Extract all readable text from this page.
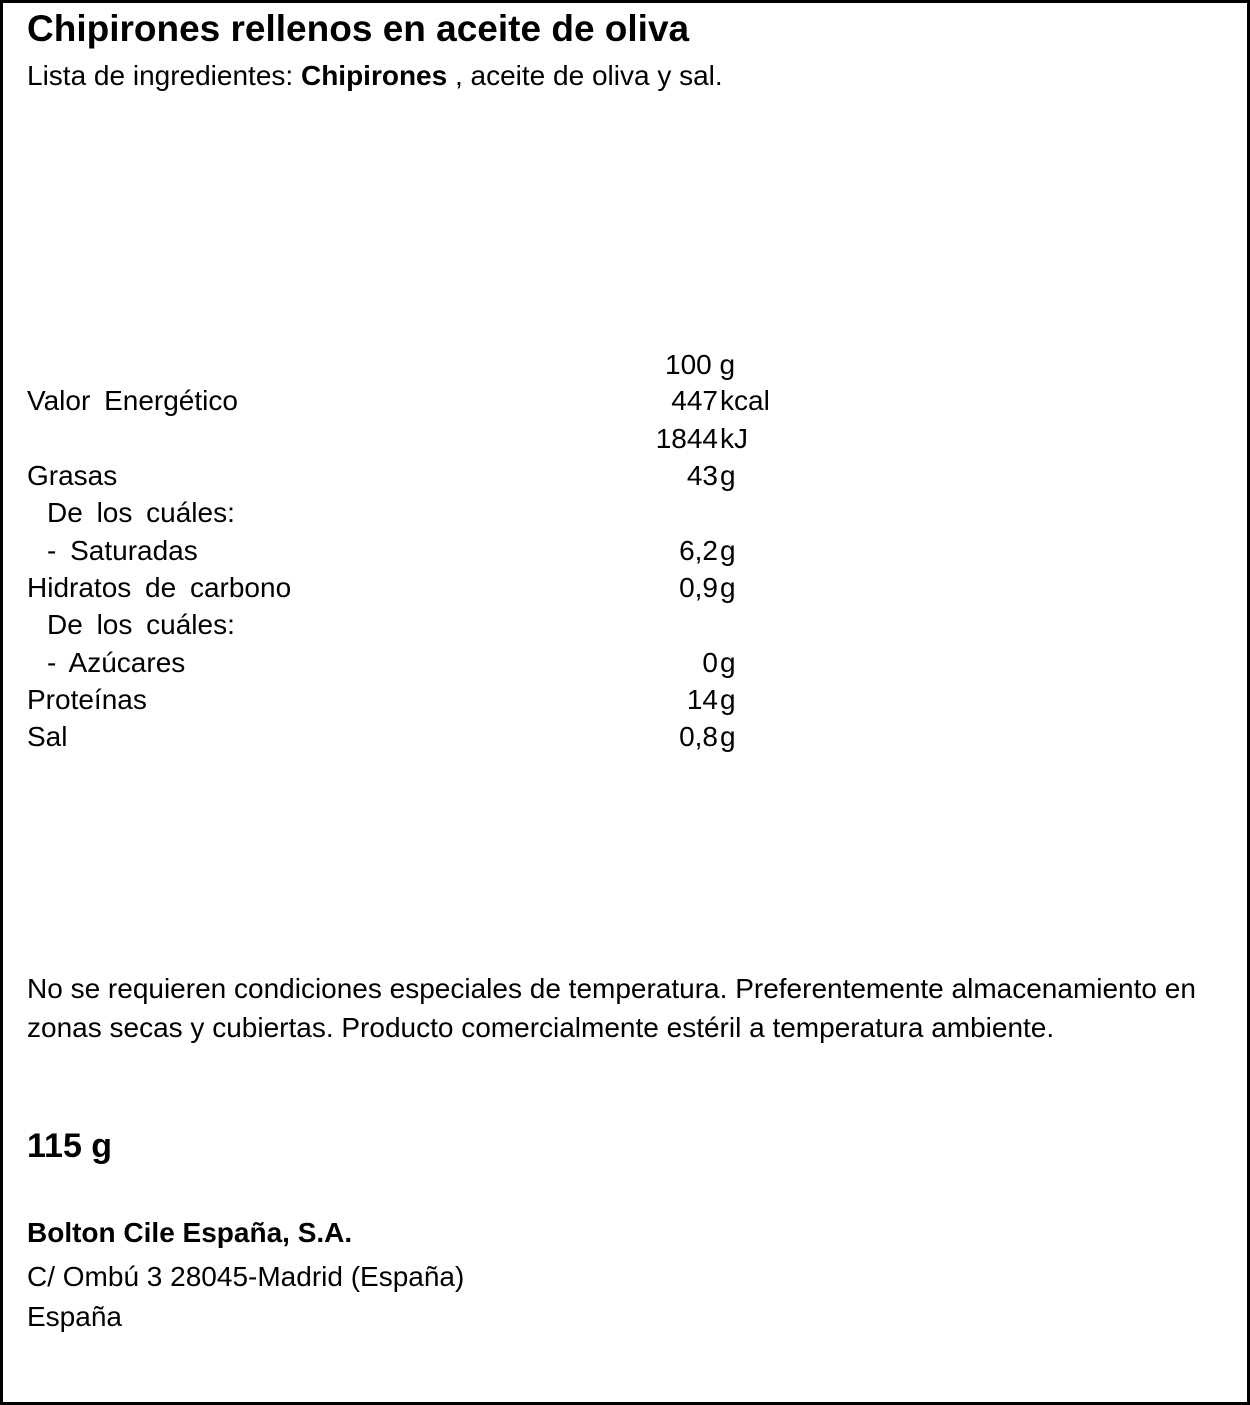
Chipirones rellenos en aceite de oliva
Lista de ingredientes: Chipirones , aceite de oliva y sal.
100 g
Valor Energético	447 kcal
1844 kJ
Grasas	43 g
De los cuáles:
- Saturadas	6,2 g
Hidratos de carbono	0,9 g
De los cuáles:
- Azúcares	0 g
Proteínas	14 g
Sal	0,8 g
No se requieren condiciones especiales de temperatura. Preferentemente almacenamiento en zonas secas y cubiertas. Producto comercialmente estéril a temperatura ambiente.
115 g
Bolton Cile España, S.A.
C/ Ombú 3 28045-Madrid (España)
España
